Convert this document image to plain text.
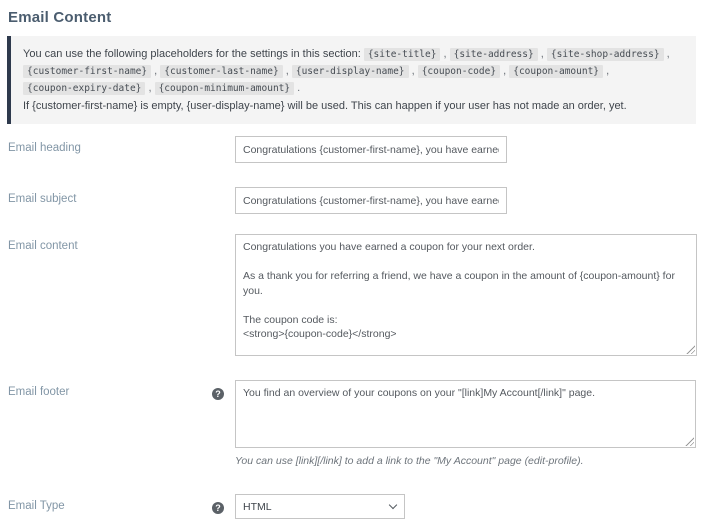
Email Content

You can use the following placeholders for the settings in this section: {site-title} , {site-address} , {site-shop-address} , {customer-first-name} , {customer-last-name} , {user-display-name} , {coupon-code} , {coupon-amount} , {coupon-expiry-date} , {coupon-minimum-amount} .

If {customer-first-name} is empty, {user-display-name} will be used. This can happen if your user has not made an order, yet.

Email heading
Congratulations {customer-first-name}, you have earned a cc
Email subject
Congratulations {customer-first-name}, you have earned a cc
Email content
Congratulations you have earned a coupon for your next order. As a thank you for referring a friend, we have a coupon in the amount of {coupon-amount} for you. The coupon code is: <strong>{coupon-code}</strong> You can redeem it on <a href="{site-address}">{site-address}</a>.
Email footer	?
You find an overview of your coupons on your "[link]My Account[/link]" page.
You can use [link][/link] to add a link to the "My Account" page (edit-profile).
Email Type	?
HTML
